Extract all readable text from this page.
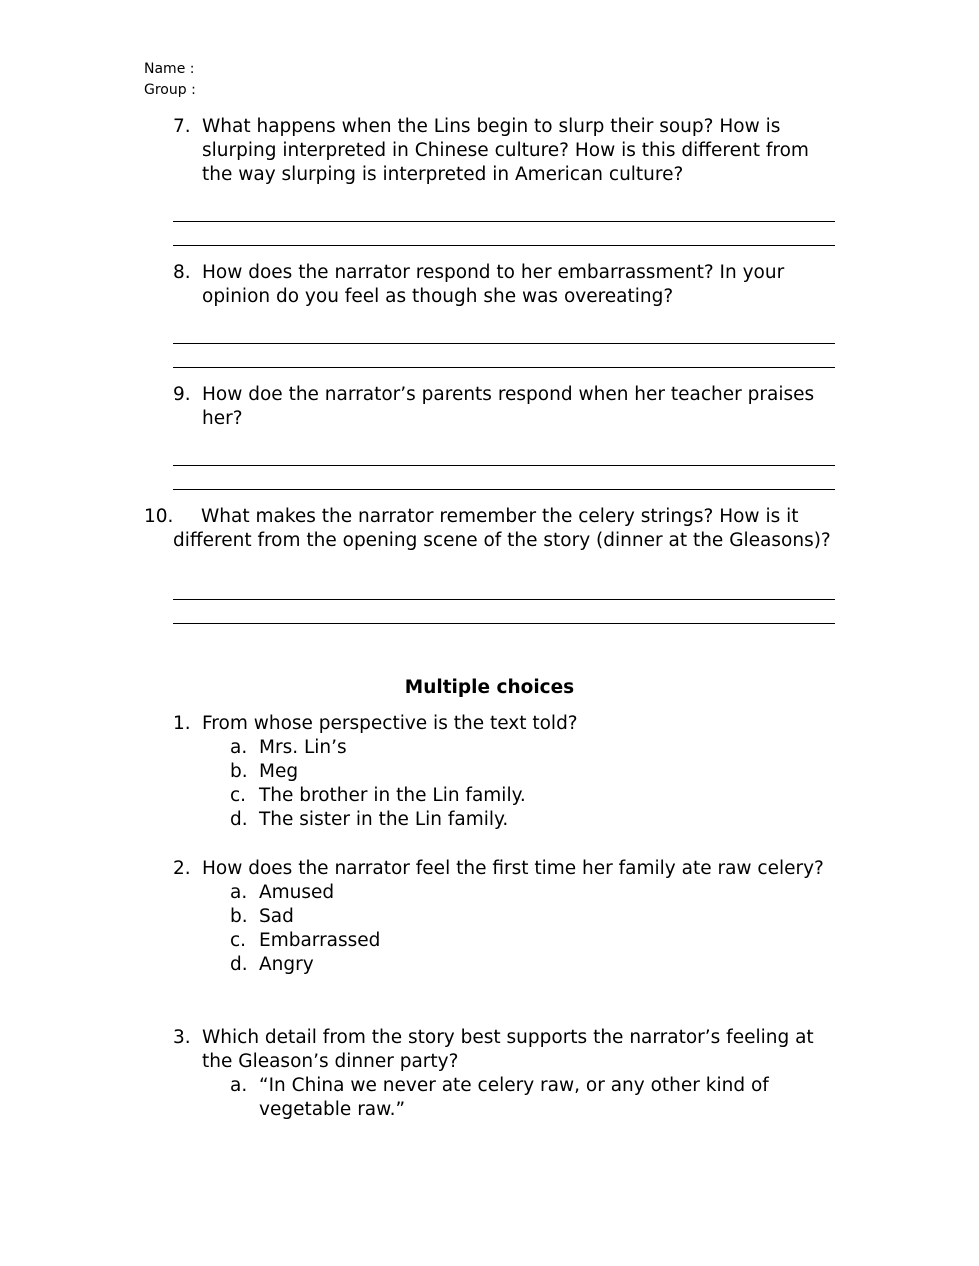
Name :
Group :
7. What happens when the Lins begin to slurp their soup? How is slurping interpreted in Chinese culture? How is this different from the way slurping is interpreted in American culture?
8. How does the narrator respond to her embarrassment? In your opinion do you feel as though she was overeating?
9. How doe the narrator’s parents respond when her teacher praises her?
10. What makes the narrator remember the celery strings? How is it
different from the opening scene of the story (dinner at the Gleasons)?
Multiple choices
1. From whose perspective is the text told?
a. Mrs. Lin’s
b. Meg
c. The brother in the Lin family.
d. The sister in the Lin family.
2. How does the narrator feel the first time her family ate raw celery?
a. Amused
b. Sad
c. Embarrassed
d. Angry
3. Which detail from the story best supports the narrator’s feeling at the Gleason’s dinner party?
a. “In China we never ate celery raw, or any other kind of vegetable raw.”
